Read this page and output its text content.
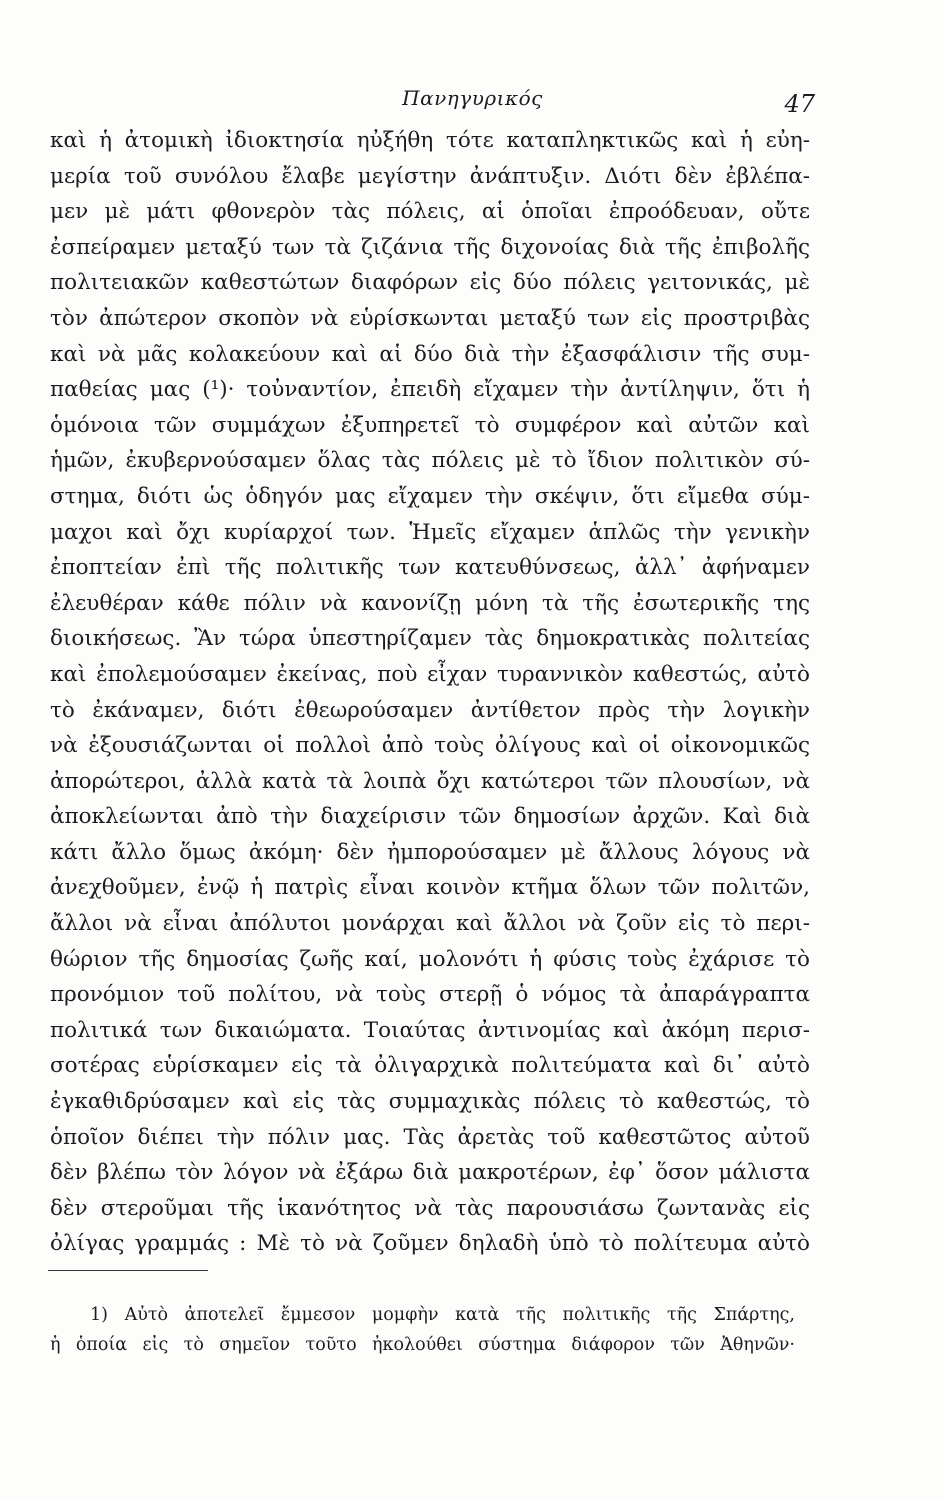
Πανηγυρικός	47
καὶ ἡ ἀτομικὴ ἰδιοκτησία ηὐξήθη τότε καταπληκτικῶς καὶ ἡ εὐη-
μερία τοῦ συνόλου ἔλαβε μεγίστην ἀνάπτυξιν. Διότι δὲν ἐβλέπα-
μεν μὲ μάτι φθονερὸν τὰς πόλεις, αἱ ὁποῖαι ἐπροόδευαν, οὔτε
ἐσπείραμεν μεταξύ των τὰ ζιζάνια τῆς διχονοίας διὰ τῆς ἐπιβολῆς
πολιτειακῶν καθεστώτων διαφόρων εἰς δύο πόλεις γειτονικάς, μὲ
τὸν ἀπώτερον σκοπὸν νὰ εὑρίσκωνται μεταξύ των εἰς προστριβὰς
καὶ νὰ μᾶς κολακεύουν καὶ αἱ δύο διὰ τὴν ἐξασφάλισιν τῆς συμ-
παθείας μας (¹)· τοὐναντίον, ἐπειδὴ εἴχαμεν τὴν ἀντίληψιν, ὅτι ἡ
ὁμόνοια τῶν συμμάχων ἐξυπηρετεῖ τὸ συμφέρον καὶ αὐτῶν καὶ
ἡμῶν, ἐκυβερνούσαμεν ὅλας τὰς πόλεις μὲ τὸ ἴδιον πολιτικὸν σύ-
στημα, διότι ὡς ὁδηγόν μας εἴχαμεν τὴν σκέψιν, ὅτι εἴμεθα σύμ-
μαχοι καὶ ὄχι κυρίαρχοί των. Ἡμεῖς εἴχαμεν ἁπλῶς τὴν γενικὴν
ἐποπτείαν ἐπὶ τῆς πολιτικῆς των κατευθύνσεως, ἀλλ᾽ ἀφήναμεν
ἐλευθέραν κάθε πόλιν νὰ κανονίζῃ μόνη τὰ τῆς ἐσωτερικῆς της
διοικήσεως. Ἂν τώρα ὑπεστηρίζαμεν τὰς δημοκρατικὰς πολιτείας
καὶ ἐπολεμούσαμεν ἐκείνας, ποὺ εἶχαν τυραννικὸν καθεστώς, αὐτὸ
τὸ ἐκάναμεν, διότι ἐθεωρούσαμεν ἀντίθετον πρὸς τὴν λογικὴν
νὰ ἐξουσιάζωνται οἱ πολλοὶ ἀπὸ τοὺς ὀλίγους καὶ οἱ οἰκονομικῶς
ἀπορώτεροι, ἀλλὰ κατὰ τὰ λοιπὰ ὄχι κατώτεροι τῶν πλουσίων, νὰ
ἀποκλείωνται ἀπὸ τὴν διαχείρισιν τῶν δημοσίων ἀρχῶν. Καὶ διὰ
κάτι ἄλλο ὅμως ἀκόμη· δὲν ἠμπορούσαμεν μὲ ἄλλους λόγους νὰ
ἀνεχθοῦμεν, ἐνῷ ἡ πατρὶς εἶναι κοινὸν κτῆμα ὅλων τῶν πολιτῶν,
ἄλλοι νὰ εἶναι ἀπόλυτοι μονάρχαι καὶ ἄλλοι νὰ ζοῦν εἰς τὸ περι-
θώριον τῆς δημοσίας ζωῆς καί, μολονότι ἡ φύσις τοὺς ἐχάρισε τὸ
προνόμιον τοῦ πολίτου, νὰ τοὺς στερῇ ὁ νόμος τὰ ἀπαράγραπτα
πολιτικά των δικαιώματα. Τοιαύτας ἀντινομίας καὶ ἀκόμη περισ-
σοτέρας εὑρίσκαμεν εἰς τὰ ὀλιγαρχικὰ πολιτεύματα καὶ δι᾽ αὐτὸ
ἐγκαθιδρύσαμεν καὶ εἰς τὰς συμμαχικὰς πόλεις τὸ καθεστώς, τὸ
ὁποῖον διέπει τὴν πόλιν μας. Τὰς ἀρετὰς τοῦ καθεστῶτος αὐτοῦ
δὲν βλέπω τὸν λόγον νὰ ἐξάρω διὰ μακροτέρων, ἐφ᾽ ὅσον μάλιστα
δὲν στεροῦμαι τῆς ἱκανότητος νὰ τὰς παρουσιάσω ζωντανὰς εἰς
ὀλίγας γραμμάς : Μὲ τὸ νὰ ζοῦμεν δηλαδὴ ὑπὸ τὸ πολίτευμα αὐτὸ
1) Αὐτὸ ἀποτελεῖ ἔμμεσον μομφὴν κατὰ τῆς πολιτικῆς τῆς Σπάρτης,
ἡ ὁποία εἰς τὸ σημεῖον τοῦτο ἠκολούθει σύστημα διάφορον τῶν Ἀθηνῶν·
